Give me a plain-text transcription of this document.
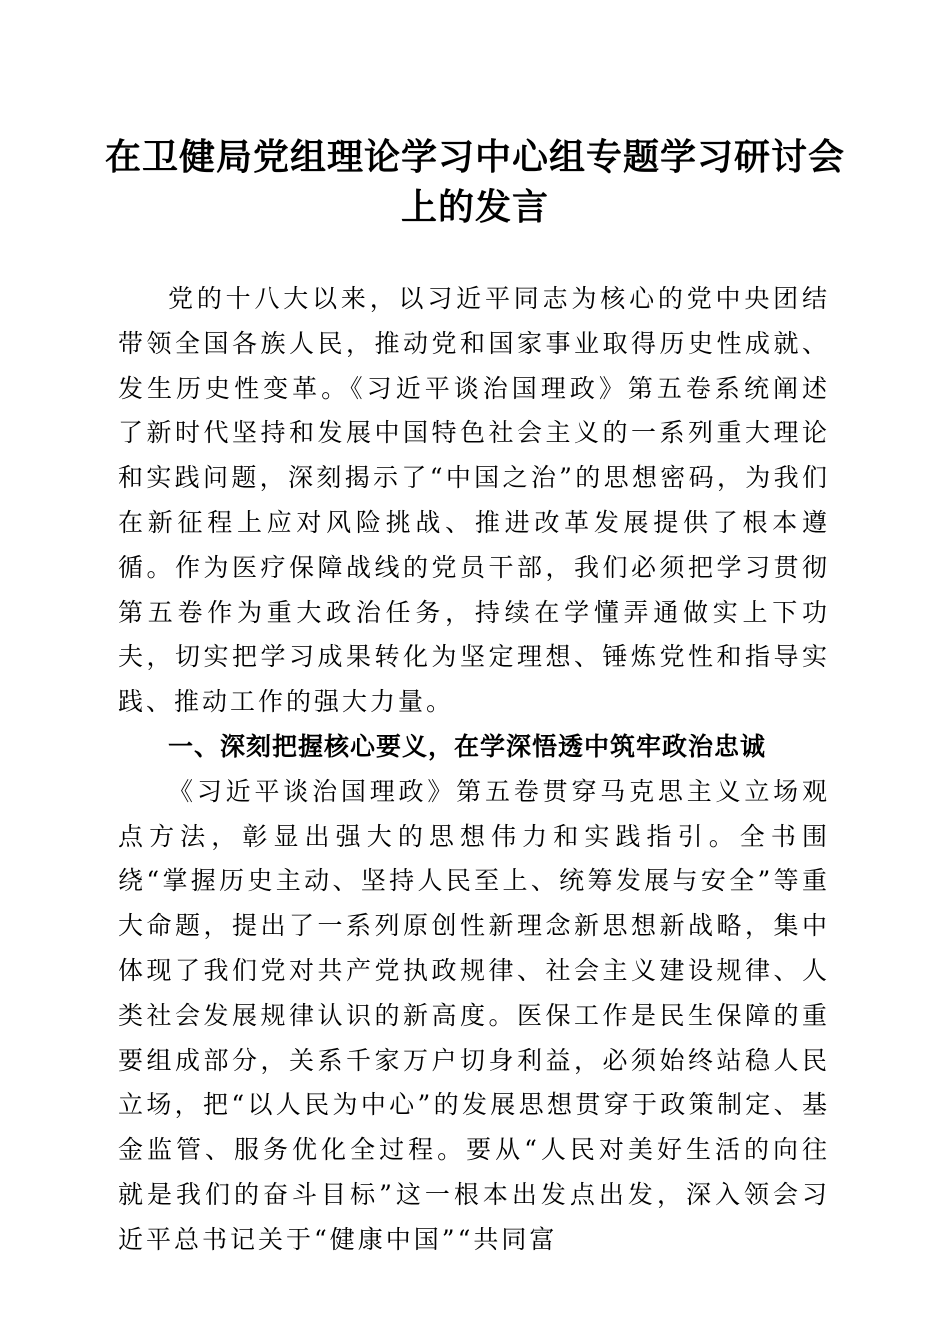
在卫健局党组理论学习中心组专题学习研讨会上的发言

党的十八大以来，以习近平同志为核心的党中央团结带领全国各族人民，推动党和国家事业取得历史性成就、发生历史性变革。《习近平谈治国理政》第五卷系统阐述了新时代坚持和发展中国特色社会主义的一系列重大理论和实践问题，深刻揭示了“中国之治”的思想密码，为我们在新征程上应对风险挑战、推进改革发展提供了根本遵循。作为医疗保障战线的党员干部，我们必须把学习贯彻第五卷作为重大政治任务，持续在学懂弄通做实上下功夫，切实把学习成果转化为坚定理想、锤炼党性和指导实践、推动工作的强大力量。

一、深刻把握核心要义，在学深悟透中筑牢政治忠诚

《习近平谈治国理政》第五卷贯穿马克思主义立场观点方法，彰显出强大的思想伟力和实践指引。全书围绕“掌握历史主动、坚持人民至上、统筹发展与安全”等重大命题，提出了一系列原创性新理念新思想新战略，集中体现了我们党对共产党执政规律、社会主义建设规律、人类社会发展规律认识的新高度。医保工作是民生保障的重要组成部分，关系千家万户切身利益，必须始终站稳人民立场，把“以人民为中心”的发展思想贯穿于政策制定、基金监管、服务优化全过程。要从“人民对美好生活的向往就是我们的奋斗目标”这一根本出发点出发，深入领会习近平总书记关于“健康中国”“共同富
